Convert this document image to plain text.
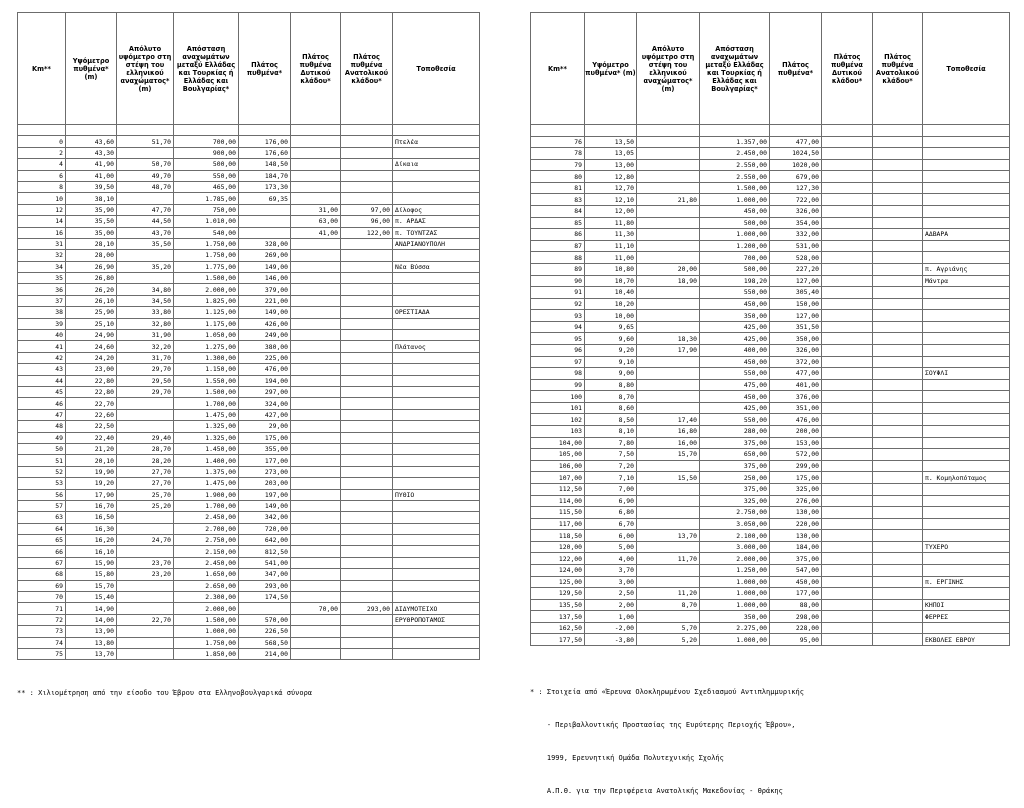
Km**	Υψόμετρο πυθμένα* (m)	Απόλυτο υψόμετρο στη στέψη του ελληνικού αναχώματος* (m)	Απόσταση αναχωμάτων μεταξύ Ελλάδας και Τουρκίας ή Ελλάδας και Βουλγαρίας*	Πλάτος πυθμένα*	Πλάτος πυθμένα Δυτικού κλάδου*	Πλάτος πυθμένα Ανατολικού κλάδου*	Τοποθεσία

0	43,60	51,70	700,00	176,00			Πτελέα
2	43,30		900,00	176,60			
4	41,90	50,70	500,00	148,50			Δίκαια
6	41,00	49,70	550,00	184,70			
8	39,50	48,70	465,00	173,30			
10	38,10		1.785,00	69,35			
12	35,90	47,70	750,00		31,00	97,00	Δίλοφος
14	35,50	44,50	1.010,00		63,00	96,00	π. ΑΡΔΑΣ
16	35,00	43,70	540,00		41,00	122,00	π. ΤΟΥΝΤΖΑΣ
31	28,10	35,50	1.750,00	328,00			ΑΝΔΡΙΑΝΟΥΠΟΛΗ
32	28,00		1.750,00	269,00			
34	26,90	35,20	1.775,00	149,00			Νέα Βύσσα
35	26,80		1.500,00	146,00			
36	26,20	34,80	2.000,00	379,00			
37	26,10	34,50	1.825,00	221,00			
38	25,90	33,80	1.125,00	149,00			ΟΡΕΣΤΙΑΔΑ
39	25,10	32,80	1.175,00	426,00			
40	24,90	31,90	1.050,00	249,00			
41	24,60	32,20	1.275,00	380,00			Πλάτανος
42	24,20	31,70	1.300,00	225,00			
43	23,00	29,70	1.150,00	476,00			
44	22,80	29,50	1.550,00	194,00			
45	22,80	29,70	1.500,00	297,00			
46	22,70		1.700,00	324,00			
47	22,60		1.475,00	427,00			
48	22,50		1.325,00	29,00			
49	22,40	29,40	1.325,00	175,00			
50	21,20	28,70	1.450,00	355,00			
51	20,10	28,20	1.400,00	177,00			
52	19,90	27,70	1.375,00	273,00			
53	19,20	27,70	1.475,00	203,00			
56	17,90	25,70	1.900,00	197,00			ΠΥΘΙΟ
57	16,70	25,20	1.700,00	149,00			
63	16,50		2.450,00	342,00			
64	16,30		2.700,00	720,00			
65	16,20	24,70	2.750,00	642,00			
66	16,10		2.150,00	812,50			
67	15,90	23,70	2.450,00	541,00			
68	15,80	23,20	1.650,00	347,00			
69	15,70		2.650,00	293,00			
70	15,40		2.300,00	174,50			
71	14,90		2.000,00		70,00	293,00	ΔΙΔΥΜΟΤΕΙΧΟ
72	14,00	22,70	1.500,00	570,00			ΕΡΥΘΡΟΠΟΤΑΜΟΣ
73	13,90		1.000,00	226,50			
74	13,80		1.750,00	568,50			
75	13,70		1.850,00	214,00			
Km**	Υψόμετρο πυθμένα* (m)	Απόλυτο υψόμετρο στη στέψη του ελληνικού αναχώματος* (m)	Απόσταση αναχωμάτων μεταξύ Ελλάδας και Τουρκίας ή Ελλάδας και Βουλγαρίας*	Πλάτος πυθμένα*	Πλάτος πυθμένα Δυτικού κλάδου*	Πλάτος πυθμένα Ανατολικού κλάδου*	Τοποθεσία

76	13,50		1.357,00	477,00			
78	13,05		2.450,00	1024,50			
79	13,00		2.550,00	1020,00			
80	12,80		2.550,00	679,00			
81	12,70		1.500,00	127,30			
83	12,10	21,80	1.000,00	722,00			
84	12,00		450,00	326,00			
85	11,80		500,00	354,00			
86	11,30		1.000,00	332,00			ΑΔΒΑΡΑ
87	11,10		1.200,00	531,00			
88	11,00		700,00	528,00			
89	10,80	20,00	500,00	227,20			π. Αγριάνης
90	10,70	18,90	198,20	127,00			Μάντρα
91	10,40		550,00	305,40			
92	10,20		450,00	150,00			
93	10,00		350,00	127,00			
94	9,65		425,00	351,50			
95	9,60	18,30	425,00	350,00			
96	9,20	17,90	400,00	326,00			
97	9,10		450,00	372,00			
98	9,00		550,00	477,00			ΣΟΥΦΛΙ
99	8,80		475,00	401,00			
100	8,70		450,00	376,00			
101	8,60		425,00	351,00			
102	8,50	17,40	550,00	476,00			
103	8,10	16,80	280,00	200,00			
104,00	7,80	16,00	375,00	153,00			
105,00	7,50	15,70	650,00	572,00			
106,00	7,20		375,00	299,00			
107,00	7,10	15,50	250,00	175,00			π. Κομηλοπόταμος
112,50	7,00		375,00	325,00			
114,00	6,90		325,00	276,00			
115,50	6,80		2.750,00	130,00			
117,00	6,70		3.050,00	220,00			
118,50	6,00	13,70	2.100,00	130,00			
120,00	5,00		3.000,00	184,00			ΤΥΧΕΡΟ
122,00	4,00	11,70	2.000,00	375,00			
124,00	3,70		1.250,00	547,00			
125,00	3,00		1.000,00	450,00			π. ΕΡΓΙΝΗΣ
129,50	2,50	11,20	1.000,00	177,00			
135,50	2,00	8,70	1.000,00	88,00			ΚΗΠΟΙ
137,50	1,00		350,00	298,00			ΦΕΡΡΕΣ
162,50	-2,00	5,70	2.275,00	228,00			
177,50	-3,80	5,20	1.000,00	95,00			ΕΚΒΟΛΕΣ ΕΒΡΟΥ
** : Χιλιομέτρηση από την είσοδο του Έβρου στα Ελληνοβουλγαρικά σύνορα

	* : Στοιχεία από «Έρευνα Ολοκληρωμένου Σχεδιασμού Αντιπλημμυρικής

- Περιβαλλοντικής Προστασίας της Ευρύτερης Περιοχής Έβρου»,

1999, Ερευνητική Ομάδα Πολυτεχνικής Σχολής

Α.Π.Θ. για την Περιφέρεια Ανατολικής Μακεδονίας - Θράκης
